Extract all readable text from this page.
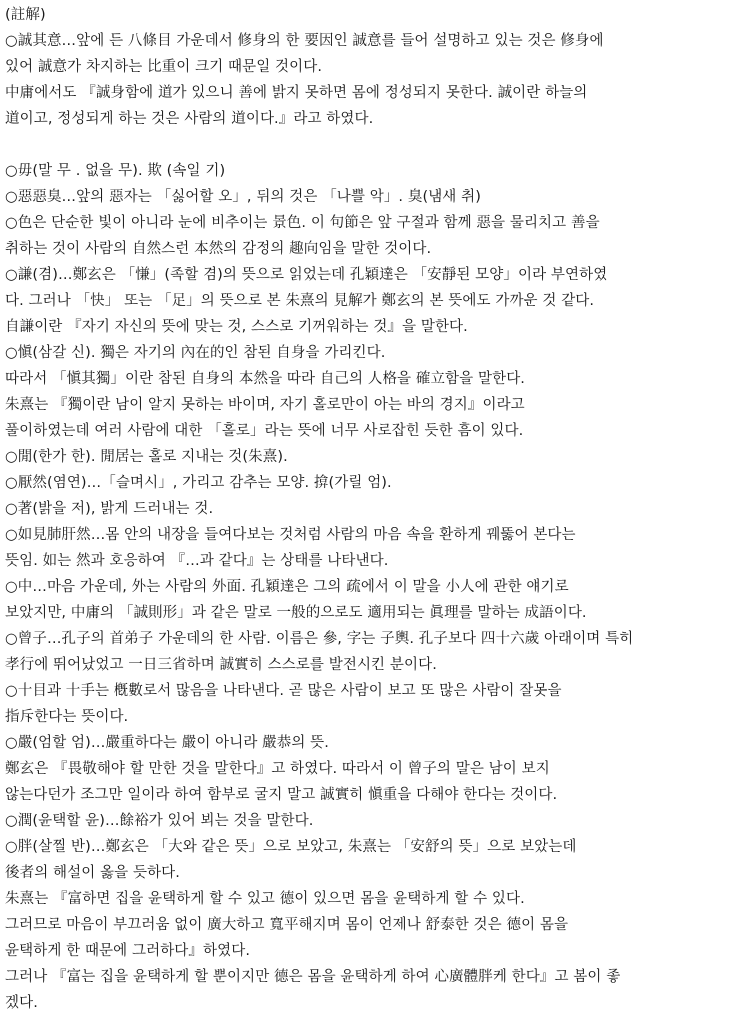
(註解)
○誠其意…앞에 든 八條目 가운데서 修身의 한 要因인 誠意를 들어 설명하고 있는 것은 修身에
있어 誠意가 차지하는 比重이 크기 때문일 것이다.
中庸에서도 『誠身함에 道가 있으니 善에 밝지 못하면 몸에 정성되지 못한다. 誠이란 하늘의
道이고, 정성되게 하는 것은 사람의 道이다.』라고 하였다.
○毋(말 무 . 없을 무). 欺 (속일 기)
○惡惡臭…앞의 惡자는 「싫어할 오」, 뒤의 것은 「나쁠 악」. 臭(냄새 취)
○色은 단순한 빛이 아니라 눈에 비추이는 景色. 이 句節은 앞 구절과 함께 惡을 물리치고 善을
취하는 것이 사람의 自然스런 本然의 감정의 趣向임을 말한 것이다.
○謙(겸)…鄭玄은 「慊」(족할 겸)의 뜻으로 읽었는데 孔穎達은 「安靜된 모양」이라 부연하였
다. 그러나 「快」 또는 「足」의 뜻으로 본 朱熹의 見解가 鄭玄의 본 뜻에도 가까운 것 같다.
自謙이란 『자기 자신의 뜻에 맞는 것, 스스로 기꺼워하는 것』을 말한다.
○愼(삼갈 신). 獨은 자기의 內在的인 참된 自身을 가리킨다.
따라서 「愼其獨」이란 참된 自身의 本然을 따라 自己의 人格을 確立함을 말한다.
朱熹는 『獨이란 남이 알지 못하는 바이며, 자기 홀로만이 아는 바의 경지』이라고
풀이하였는데 여러 사람에 대한 「홀로」라는 뜻에 너무 사로잡힌 듯한 흠이 있다.
○閒(한가 한). 閒居는 홀로 지내는 것(朱熹).
○厭然(염연)…「슬며시」, 가리고 감추는 모양. 揜(가릴 엄).
○著(밝을 저), 밝게 드러내는 것.
○如見肺肝然…몸 안의 내장을 들여다보는 것처럼 사람의 마음 속을 환하게 꿰뚫어 본다는
뜻임. 如는 然과 호응하여 『…과 같다』는 상태를 나타낸다.
○中…마음 가운데, 外는 사람의 外面. 孔穎達은 그의 疏에서 이 말을 小人에 관한 얘기로
보았지만, 中庸의 「誠則形」과 같은 말로 一般的으로도 適用되는 眞理를 말하는 成語이다.
○曾子…孔子의 首弟子 가운데의 한 사람. 이름은 參, 字는 子輿. 孔子보다 四十六歲 아래이며 특히
孝行에 뛰어났었고 一日三省하며 誠實히 스스로를 발전시킨 분이다.
○十目과 十手는 槪數로서 많음을 나타낸다. 곧 많은 사람이 보고 또 많은 사람이 잘못을
指斥한다는 뜻이다.
○嚴(엄할 엄)…嚴重하다는 嚴이 아니라 嚴恭의 뜻.
鄭玄은 『畏敬해야 할 만한 것을 말한다』고 하였다. 따라서 이 曾子의 말은 남이 보지
않는다던가 조그만 일이라 하여 함부로 굴지 말고 誠實히 愼重을 다해야 한다는 것이다.
○潤(윤택할 윤)…餘裕가 있어 뵈는 것을 말한다.
○胖(살찔 반)…鄭玄은 「大와 같은 뜻」으로 보았고, 朱熹는 「安舒의 뜻」으로 보았는데
後者의 해설이 옳을 듯하다.
朱熹는 『富하면 집을 윤택하게 할 수 있고 德이 있으면 몸을 윤택하게 할 수 있다.
그러므로 마음이 부끄러움 없이 廣大하고 寬平해지며 몸이 언제나 舒泰한 것은 德이 몸을
윤택하게 한 때문에 그러하다』하였다.
그러나 『富는 집을 윤택하게 할 뿐이지만 德은 몸을 윤택하게 하여 心廣體胖케 한다』고 봄이 좋
겠다.
